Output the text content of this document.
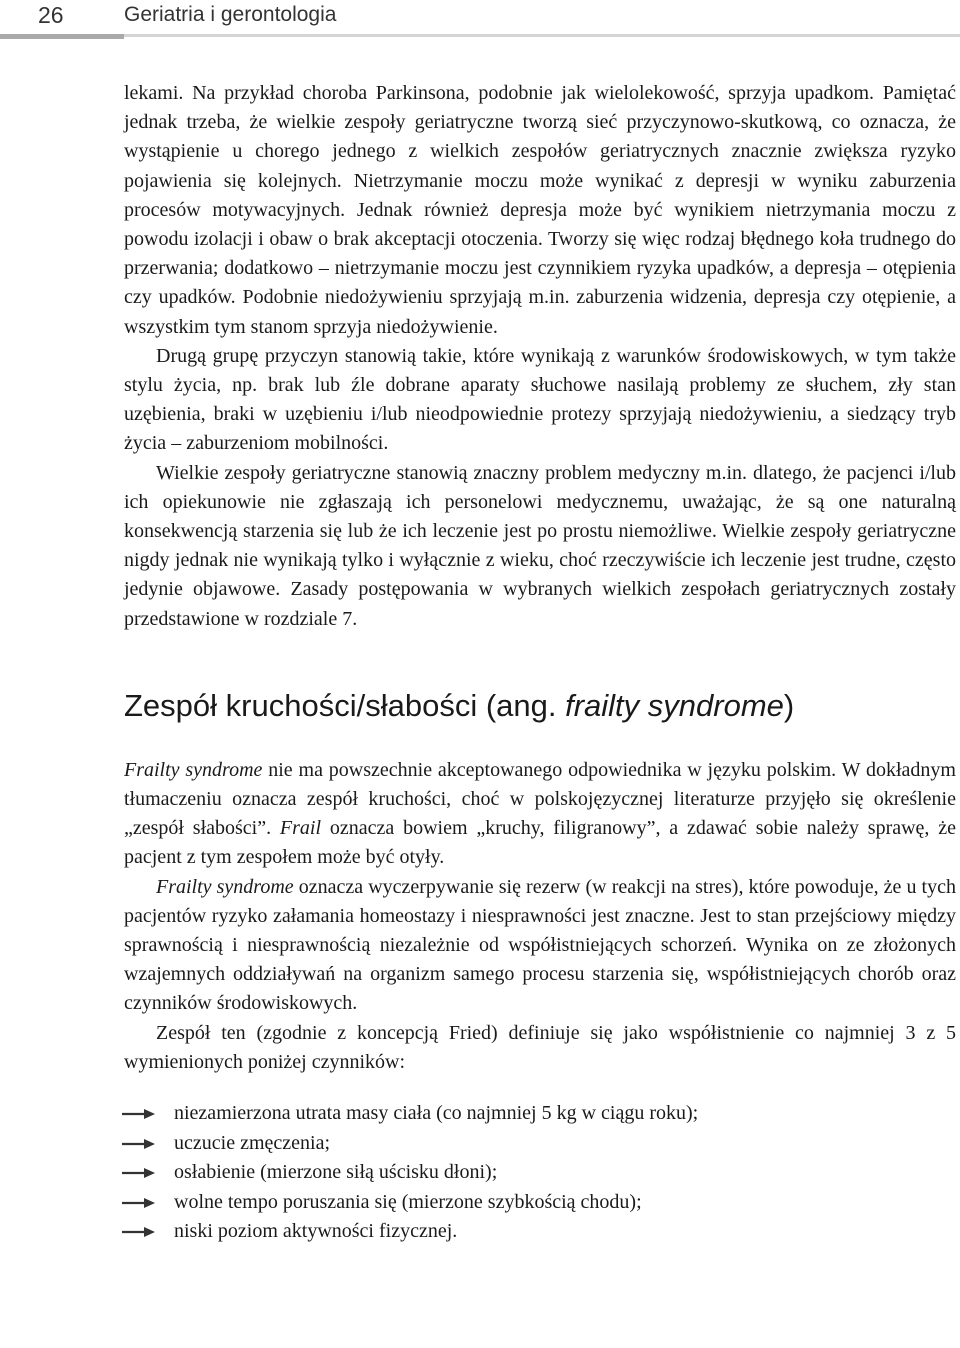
26	Geriatria i gerontologia

lekami. Na przykład choroba Parkinsona, podobnie jak wielolekowość, sprzyja upadkom. Pamiętać jednak trzeba, że wielkie zespoły geriatryczne tworzą sieć przyczynowo-skutkową, co oznacza, że wystąpienie u chorego jednego z wielkich zespołów geriatrycznych znacznie zwiększa ryzyko pojawienia się kolejnych. Nietrzymanie moczu może wynikać z depresji w wyniku zaburzenia procesów motywacyjnych. Jednak również depresja może być wynikiem nietrzymania moczu z powodu izolacji i obaw o brak akceptacji otoczenia. Tworzy się więc rodzaj błędnego koła trudnego do przerwania; dodatkowo – nietrzymanie moczu jest czynnikiem ryzyka upadków, a depresja – otępienia czy upadków. Podobnie niedożywieniu sprzyjają m.in. zaburzenia widzenia, depresja czy otępienie, a wszystkim tym stanom sprzyja niedożywienie.

Drugą grupę przyczyn stanowią takie, które wynikają z warunków środowiskowych, w tym także stylu życia, np. brak lub źle dobrane aparaty słuchowe nasilają problemy ze słuchem, zły stan uzębienia, braki w uzębieniu i/lub nieodpowiednie protezy sprzyjają niedożywieniu, a siedzący tryb życia – zaburzeniom mobilności.

Wielkie zespoły geriatryczne stanowią znaczny problem medyczny m.in. dlatego, że pacjenci i/lub ich opiekunowie nie zgłaszają ich personelowi medycznemu, uważając, że są one naturalną konsekwencją starzenia się lub że ich leczenie jest po prostu niemożliwe. Wielkie zespoły geriatryczne nigdy jednak nie wynikają tylko i wyłącznie z wieku, choć rzeczywiście ich leczenie jest trudne, często jedynie objawowe. Zasady postępowania w wybranych wielkich zespołach geriatrycznych zostały przedstawione w rozdziale 7.

Zespół kruchości/słabości (ang. frailty syndrome)

Frailty syndrome nie ma powszechnie akceptowanego odpowiednika w języku polskim. W dokładnym tłumaczeniu oznacza zespół kruchości, choć w polskojęzycznej literaturze przyjęło się określenie „zespół słabości”. Frail oznacza bowiem „kruchy, filigranowy”, a zdawać sobie należy sprawę, że pacjent z tym zespołem może być otyły.

Frailty syndrome oznacza wyczerpywanie się rezerw (w reakcji na stres), które powoduje, że u tych pacjentów ryzyko załamania homeostazy i niesprawności jest znaczne. Jest to stan przejściowy między sprawnością i niesprawnością niezależnie od współistniejących schorzeń. Wynika on ze złożonych wzajemnych oddziaływań na organizm samego procesu starzenia się, współistniejących chorób oraz czynników środowiskowych.

Zespół ten (zgodnie z koncepcją Fried) definiuje się jako współistnienie co najmniej 3 z 5 wymienionych poniżej czynników:

niezamierzona utrata masy ciała (co najmniej 5 kg w ciągu roku);
uczucie zmęczenia;
osłabienie (mierzone siłą uścisku dłoni);
wolne tempo poruszania się (mierzone szybkością chodu);
niski poziom aktywności fizycznej.
